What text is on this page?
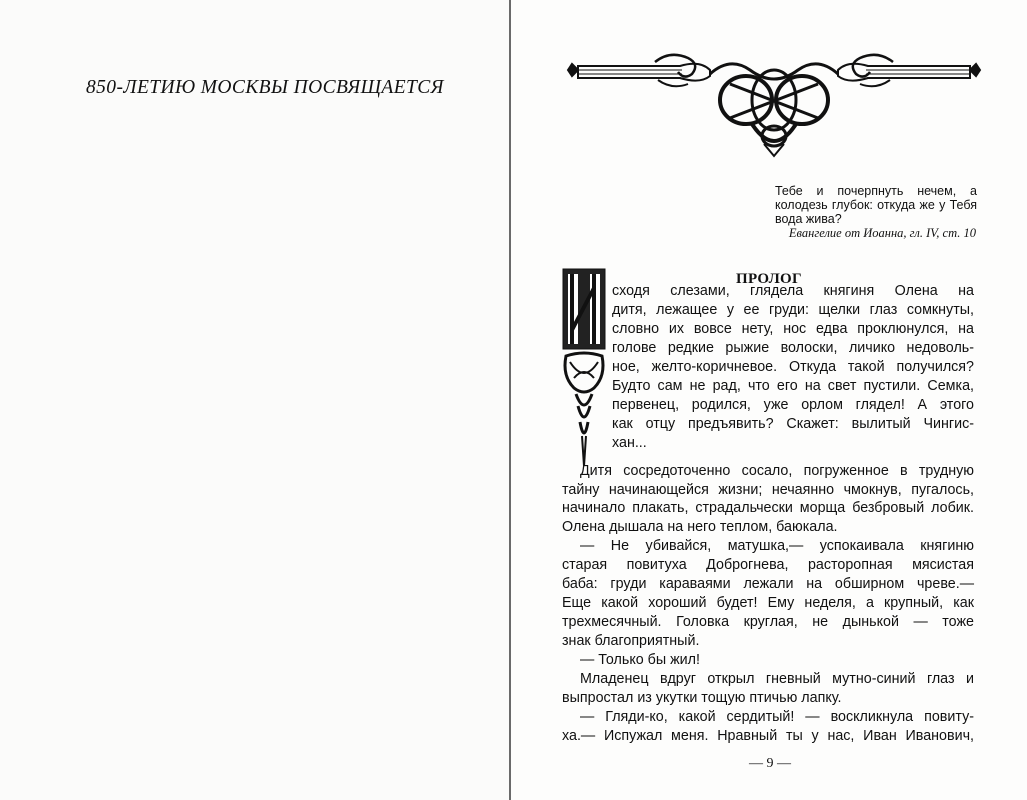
850-ЛЕТИЮ МОСКВЫ ПОСВЯЩАЕТСЯ
Тебе и почерпнуть нечем, а колодезь глубок: откуда же у Тебя вода жива?
Евангелие от Иоанна, гл. IV, ст. 10
ПРОЛОГ
И
сходя слезами, глядела княгиня Олена на
дитя, лежащее у ее груди: щелки глаз сомкнуты,
словно их вовсе нету, нос едва проклюнулся, на
голове редкие рыжие волоски, личико недоволь-
ное, желто-коричневое. Откуда такой получился?
Будто сам не рад, что его на свет пустили. Семка,
первенец, родился, уже орлом глядел! А этого
как отцу предъявить? Скажет: вылитый Чингис-
хан...
Дитя сосредоточенно сосало, погруженное в трудную
тайну начинающейся жизни; нечаянно чмокнув, пугалось,
начинало плакать, страдальчески морща безбровый лобик.
Олена дышала на него теплом, баюкала.
— Не убивайся, матушка,— успокаивала княгиню
старая повитуха Доброгнева, расторопная мясистая
баба: груди караваями лежали на обширном чреве.—
Еще какой хороший будет! Ему неделя, а крупный, как
трехмесячный. Головка круглая, не дынькой — тоже
знак благоприятный.
— Только бы жил!
— 9 —
Младенец вдруг открыл гневный мутно-синий глаз и
выпростал из укутки тощую птичью лапку.
— Гляди-ко, какой сердитый! — воскликнула повиту-
ха.— Испужал меня. Нравный ты у нас, Иван Иванович,
